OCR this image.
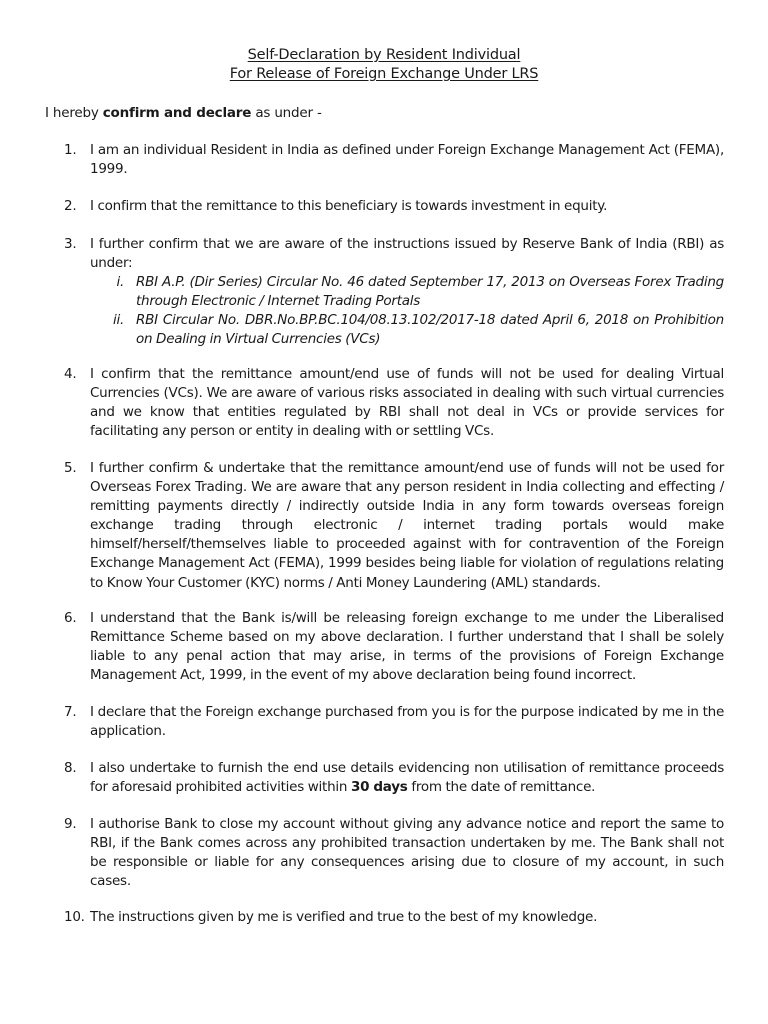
Self-Declaration by Resident Individual
For Release of Foreign Exchange Under LRS
I hereby confirm and declare as under -
1.	I am an individual Resident in India as defined under Foreign Exchange Management Act (FEMA), 1999.
2.	I confirm that the remittance to this beneficiary is towards investment in equity.
3.	I further confirm that we are aware of the instructions issued by Reserve Bank of India (RBI) as under:
i. RBI A.P. (Dir Series) Circular No. 46 dated September 17, 2013 on Overseas Forex Trading through Electronic / Internet Trading Portals
ii. RBI Circular No. DBR.No.BP.BC.104/08.13.102/2017-18 dated April 6, 2018 on Prohibition on Dealing in Virtual Currencies (VCs)
4.	I confirm that the remittance amount/end use of funds will not be used for dealing Virtual Currencies (VCs). We are aware of various risks associated in dealing with such virtual currencies and we know that entities regulated by RBI shall not deal in VCs or provide services for facilitating any person or entity in dealing with or settling VCs.
5.	I further confirm & undertake that the remittance amount/end use of funds will not be used for Overseas Forex Trading. We are aware that any person resident in India collecting and effecting / remitting payments directly / indirectly outside India in any form towards overseas foreign exchange trading through electronic / internet trading portals would make himself/herself/themselves liable to proceeded against with for contravention of the Foreign Exchange Management Act (FEMA), 1999 besides being liable for violation of regulations relating to Know Your Customer (KYC) norms / Anti Money Laundering (AML) standards.
6.	I understand that the Bank is/will be releasing foreign exchange to me under the Liberalised Remittance Scheme based on my above declaration. I further understand that I shall be solely liable to any penal action that may arise, in terms of the provisions of Foreign Exchange Management Act, 1999, in the event of my above declaration being found incorrect.
7.	I declare that the Foreign exchange purchased from you is for the purpose indicated by me in the application.
8.	I also undertake to furnish the end use details evidencing non utilisation of remittance proceeds for aforesaid prohibited activities within 30 days from the date of remittance.
9.	I authorise Bank to close my account without giving any advance notice and report the same to RBI, if the Bank comes across any prohibited transaction undertaken by me. The Bank shall not be responsible or liable for any consequences arising due to closure of my account, in such cases.
10. The instructions given by me is verified and true to the best of my knowledge.
